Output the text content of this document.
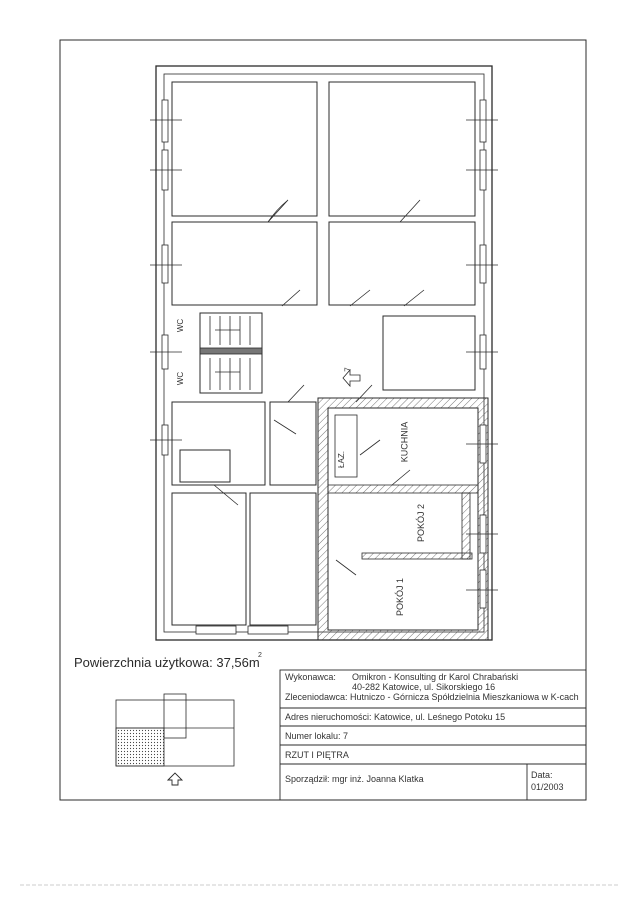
Powierzchnia użytkowa: 37,56m
2
WC
WC
ŁAZ.	KUCHNIA
POKÓJ 2
POKÓJ 1
7
Wykonawca: Omikron - Konsulting dr Karol Chrabański
40-282 Katowice, ul. Sikorskiego 16
Zleceniodawca: Hutniczo - Górnicza Spółdzielnia Mieszkaniowa w K-cach
Adres nieruchomości: Katowice, ul. Leśnego Potoku 15
Numer lokalu: 7
RZUT I PIĘTRA
Sporządził: mgr inż. Joanna Klatka	Data:
01/2003
